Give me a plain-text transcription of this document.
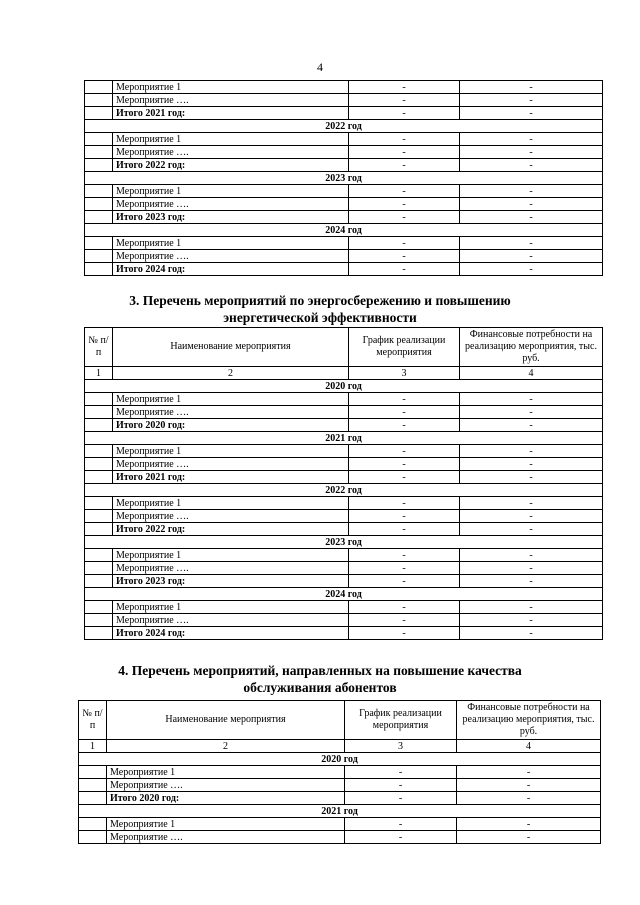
4
	Мероприятие 1	-	-
	Мероприятие ….	-	-
	Итого 2021 год:	-	-
2022 год			
	Мероприятие 1	-	-
	Мероприятие ….	-	-
	Итого 2022 год:	-	-
2023 год			
	Мероприятие 1	-	-
	Мероприятие ….	-	-
	Итого 2023 год:	-	-
2024 год			
	Мероприятие 1	-	-
	Мероприятие ….	-	-
	Итого 2024 год:	-	-
3. Перечень мероприятий по энергосбережению и повышению
энергетической эффективности
№ п/п	Наименование мероприятия	График реализации мероприятия	Финансовые потребности на реализацию мероприятия, тыс. руб.
1	2	3	4
2020 год			
	Мероприятие 1	-	-
	Мероприятие ….	-	-
	Итого 2020 год:	-	-
2021 год			
	Мероприятие 1	-	-
	Мероприятие ….	-	-
	Итого 2021 год:	-	-
2022 год			
	Мероприятие 1	-	-
	Мероприятие ….	-	-
	Итого 2022 год:	-	-
2023 год			
	Мероприятие 1	-	-
	Мероприятие ….	-	-
	Итого 2023 год:	-	-
2024 год			
	Мероприятие 1	-	-
	Мероприятие ….	-	-
	Итого 2024 год:	-	-
4. Перечень мероприятий, направленных на повышение качества
обслуживания абонентов
№ п/п	Наименование мероприятия	График реализации мероприятия	Финансовые потребности на реализацию мероприятия, тыс. руб.
1	2	3	4
2020 год			
	Мероприятие 1	-	-
	Мероприятие ….	-	-
	Итого 2020 год:	-	-
2021 год			
	Мероприятие 1	-	-
	Мероприятие ….	-	-
